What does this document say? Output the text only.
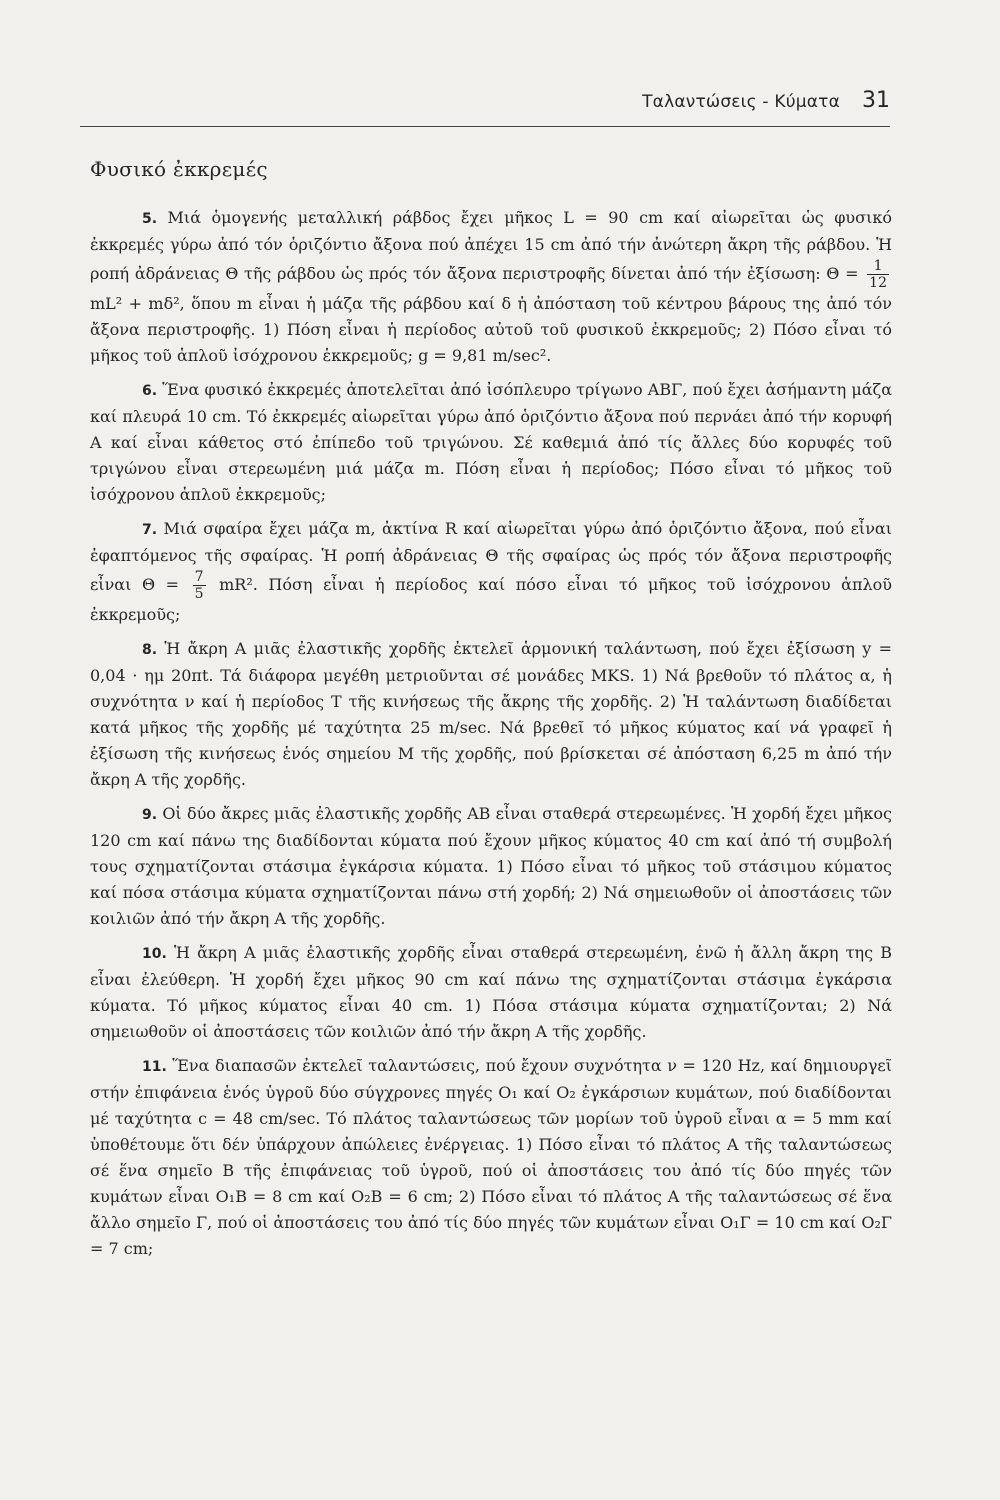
Ταλαντώσεις - Κύματα 31
Φυσικό ἐκκρεμές

5. Μιά ὁμογενής μεταλλική ράβδος ἔχει μῆκος L = 90 cm καί αἰωρεῖται ὡς φυσικό ἐκκρεμές γύρω ἀπό τόν ὁριζόντιο ἄξονα πού ἀπέχει 15 cm ἀπό τήν ἀνώτερη ἄκρη τῆς ράβδου. Ἡ ροπή ἀδράνειας Θ τῆς ράβδου ὡς πρός τόν ἄξονα περιστροφῆς δίνεται ἀπό τήν ἐξίσωση: $\Theta = \frac{1}{12}$
mL² + mδ², ὅπου m εἶναι ἡ μάζα τῆς ράβδου καί δ ἡ ἀπόσταση τοῦ κέντρου βάρους της ἀπό τόν ἄξονα περιστροφῆς. 1) Πόση εἶναι ἡ περίοδος αὐτοῦ τοῦ φυσικοῦ ἐκκρεμοῦς; 2) Πόσο εἶναι τό μῆκος τοῦ ἁπλοῦ ἰσόχρονου ἐκκρεμοῦς; g = 9,81 m/sec².

6. Ἕνα φυσικό ἐκκρεμές ἀποτελεῖται ἀπό ἰσόπλευρο τρίγωνο ΑΒΓ, πού ἔχει ἀσήμαντη μάζα καί πλευρά 10 cm. Τό ἐκκρεμές αἰωρεῖται γύρω ἀπό ὁριζόντιο ἄξονα πού περνάει ἀπό τήν κορυφή Α καί εἶναι κάθετος στό ἐπίπεδο τοῦ τριγώνου. Σέ καθεμιά ἀπό τίς ἄλλες δύο κορυφές τοῦ τριγώνου εἶναι στερεωμένη μιά μάζα m. Πόση εἶναι ἡ περίοδος; Πόσο εἶναι τό μῆκος τοῦ ἰσόχρονου ἁπλοῦ ἐκκρεμοῦς;

7. Μιά σφαίρα ἔχει μάζα m, ἀκτίνα R καί αἰωρεῖται γύρω ἀπό ὁριζόντιο ἄξονα, πού εἶναι ἐφαπτόμενος τῆς σφαίρας. Ἡ ροπή ἀδράνειας Θ τῆς σφαίρας ὡς πρός τόν ἄξονα περιστροφῆς εἶναι $\Theta = \frac{7}{5} mR^2$. Πόση εἶναι ἡ περίοδος καί πόσο εἶναι τό μῆκος τοῦ ἰσόχρονου ἁπλοῦ ἐκκρεμοῦς;

8. Ἡ ἄκρη Α μιᾶς ἐλαστικῆς χορδῆς ἐκτελεῖ ἁρμονική ταλάντωση, πού ἔχει ἐξίσωση y = 0,04 · ημ 20πt. Τά διάφορα μεγέθη μετριοῦνται σέ μονάδες MKS. 1) Νά βρεθοῦν τό πλάτος α, ἡ συχνότητα ν καί ἡ περίοδος Τ τῆς κινήσεως τῆς ἄκρης τῆς χορδῆς. 2) Ἡ ταλάντωση διαδίδεται κατά μῆκος τῆς χορδῆς μέ ταχύτητα 25 m/sec. Νά βρεθεῖ τό μῆκος κύματος καί νά γραφεῖ ἡ ἐξίσωση τῆς κινήσεως ἑνός σημείου Μ τῆς χορδῆς, πού βρίσκεται σέ ἀπόσταση 6,25 m ἀπό τήν ἄκρη Α τῆς χορδῆς.

9. Οἱ δύο ἄκρες μιᾶς ἐλαστικῆς χορδῆς ΑΒ εἶναι σταθερά στερεωμένες. Ἡ χορδή ἔχει μῆκος 120 cm καί πάνω της διαδίδονται κύματα πού ἔχουν μῆκος κύματος 40 cm καί ἀπό τή συμβολή τους σχηματίζονται στάσιμα ἐγκάρσια κύματα. 1) Πόσο εἶναι τό μῆκος τοῦ στάσιμου κύματος καί πόσα στάσιμα κύματα σχηματίζονται πάνω στή χορδή; 2) Νά σημειωθοῦν οἱ ἀποστάσεις τῶν κοιλιῶν ἀπό τήν ἄκρη Α τῆς χορδῆς.

10. Ἡ ἄκρη Α μιᾶς ἐλαστικῆς χορδῆς εἶναι σταθερά στερεωμένη, ἐνῶ ἡ ἄλλη ἄκρη της Β εἶναι ἐλεύθερη. Ἡ χορδή ἔχει μῆκος 90 cm καί πάνω της σχηματίζονται στάσιμα ἐγκάρσια κύματα. Τό μῆκος κύματος εἶναι 40 cm. 1) Πόσα στάσιμα κύματα σχηματίζονται; 2) Νά σημειωθοῦν οἱ ἀποστάσεις τῶν κοιλιῶν ἀπό τήν ἄκρη Α τῆς χορδῆς.

11. Ἕνα διαπασῶν ἐκτελεῖ ταλαντώσεις, πού ἔχουν συχνότητα ν = 120 Hz, καί δημιουργεῖ στήν ἐπιφάνεια ἑνός ὑγροῦ δύο σύγχρονες πηγές Ο₁ καί Ο₂ ἐγκάρσιων κυμάτων, πού διαδίδονται μέ ταχύτητα c = 48 cm/sec. Τό πλάτος ταλαντώσεως τῶν μορίων τοῦ ὑγροῦ εἶναι α = 5 mm καί ὑποθέτουμε ὅτι δέν ὑπάρχουν ἀπώλειες ἐνέργειας. 1) Πόσο εἶναι τό πλάτος Α τῆς ταλαντώσεως σέ ἕνα σημεῖο Β τῆς ἐπιφάνειας τοῦ ὑγροῦ, πού οἱ ἀποστάσεις του ἀπό τίς δύο πηγές τῶν κυμάτων εἶναι Ο₁Β = 8 cm καί Ο₂Β = 6 cm; 2) Πόσο εἶναι τό πλάτος Α τῆς ταλαντώσεως σέ ἕνα ἄλλο σημεῖο Γ, πού οἱ ἀποστάσεις του ἀπό τίς δύο πηγές τῶν κυμάτων εἶναι Ο₁Γ = 10 cm καί Ο₂Γ = 7 cm;
